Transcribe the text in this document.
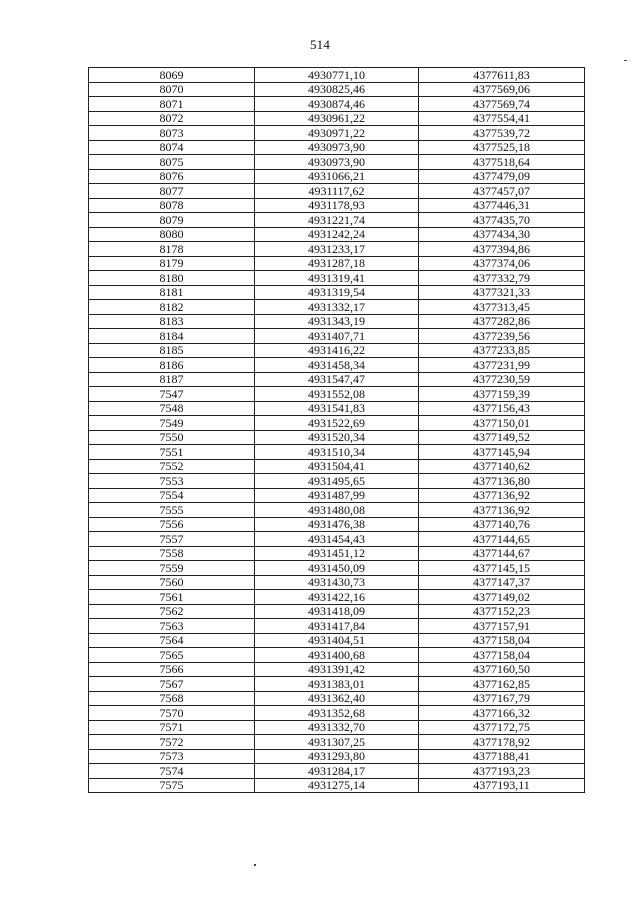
514
8069	4930771,10	4377611,83
8070	4930825,46	4377569,06
8071	4930874,46	4377569,74
8072	4930961,22	4377554,41
8073	4930971,22	4377539,72
8074	4930973,90	4377525,18
8075	4930973,90	4377518,64
8076	4931066,21	4377479,09
8077	4931117,62	4377457,07
8078	4931178,93	4377446,31
8079	4931221,74	4377435,70
8080	4931242,24	4377434,30
8178	4931233,17	4377394,86
8179	4931287,18	4377374,06
8180	4931319,41	4377332,79
8181	4931319,54	4377321,33
8182	4931332,17	4377313,45
8183	4931343,19	4377282,86
8184	4931407,71	4377239,56
8185	4931416,22	4377233,85
8186	4931458,34	4377231,99
8187	4931547,47	4377230,59
7547	4931552,08	4377159,39
7548	4931541,83	4377156,43
7549	4931522,69	4377150,01
7550	4931520,34	4377149,52
7551	4931510,34	4377145,94
7552	4931504,41	4377140,62
7553	4931495,65	4377136,80
7554	4931487,99	4377136,92
7555	4931480,08	4377136,92
7556	4931476,38	4377140,76
7557	4931454,43	4377144,65
7558	4931451,12	4377144,67
7559	4931450,09	4377145,15
7560	4931430,73	4377147,37
7561	4931422,16	4377149,02
7562	4931418,09	4377152,23
7563	4931417,84	4377157,91
7564	4931404,51	4377158,04
7565	4931400,68	4377158,04
7566	4931391,42	4377160,50
7567	4931383,01	4377162,85
7568	4931362,40	4377167,79
7570	4931352,68	4377166,32
7571	4931332,70	4377172,75
7572	4931307,25	4377178,92
7573	4931293,80	4377188,41
7574	4931284,17	4377193,23
7575	4931275,14	4377193,11
